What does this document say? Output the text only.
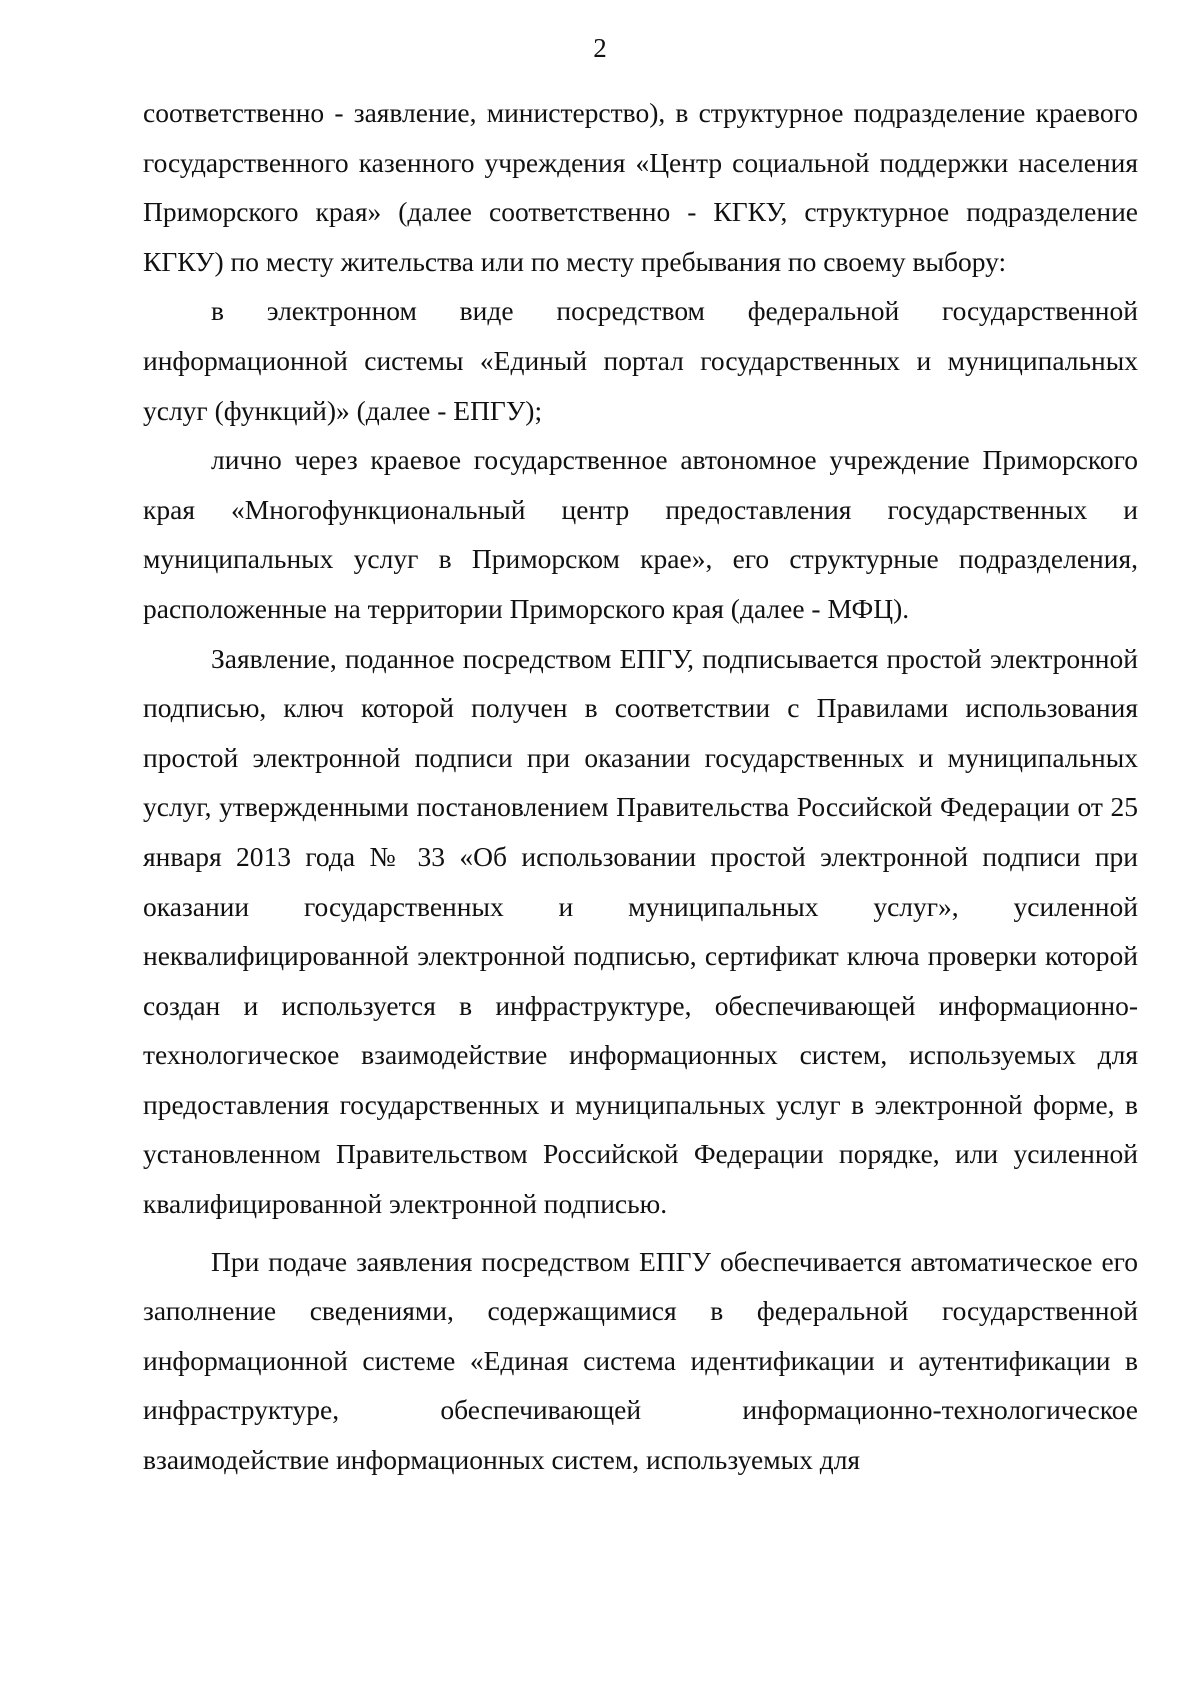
2

соответственно - заявление, министерство), в структурное подразделение краевого государственного казенного учреждения «Центр социальной поддержки населения Приморского края» (далее соответственно - КГКУ, структурное подразделение КГКУ) по месту жительства или по месту пребывания по своему выбору:

в электронном виде посредством федеральной государственной информационной системы «Единый портал государственных и муниципальных услуг (функций)» (далее - ЕПГУ);

лично через краевое государственное автономное учреждение Приморского края «Многофункциональный центр предоставления государственных и муниципальных услуг в Приморском крае», его структурные подразделения, расположенные на территории Приморского края (далее - МФЦ).

Заявление, поданное посредством ЕПГУ, подписывается простой электронной подписью, ключ которой получен в соответствии с Правилами использования простой электронной подписи при оказании государственных и муниципальных услуг, утвержденными постановлением Правительства Российской Федерации от 25 января 2013 года № 33 «Об использовании простой электронной подписи при оказании государственных и муниципальных услуг», усиленной неквалифицированной электронной подписью, сертификат ключа проверки которой создан и используется в инфраструктуре, обеспечивающей информационно-технологическое взаимодействие информационных систем, используемых для предоставления государственных и муниципальных услуг в электронной форме, в установленном Правительством Российской Федерации порядке, или усиленной квалифицированной электронной подписью.

При подаче заявления посредством ЕПГУ обеспечивается автоматическое его заполнение сведениями, содержащимися в федеральной государственной информационной системе «Единая система идентификации и аутентификации в инфраструктуре, обеспечивающей информационно-технологическое взаимодействие информационных систем, используемых для
